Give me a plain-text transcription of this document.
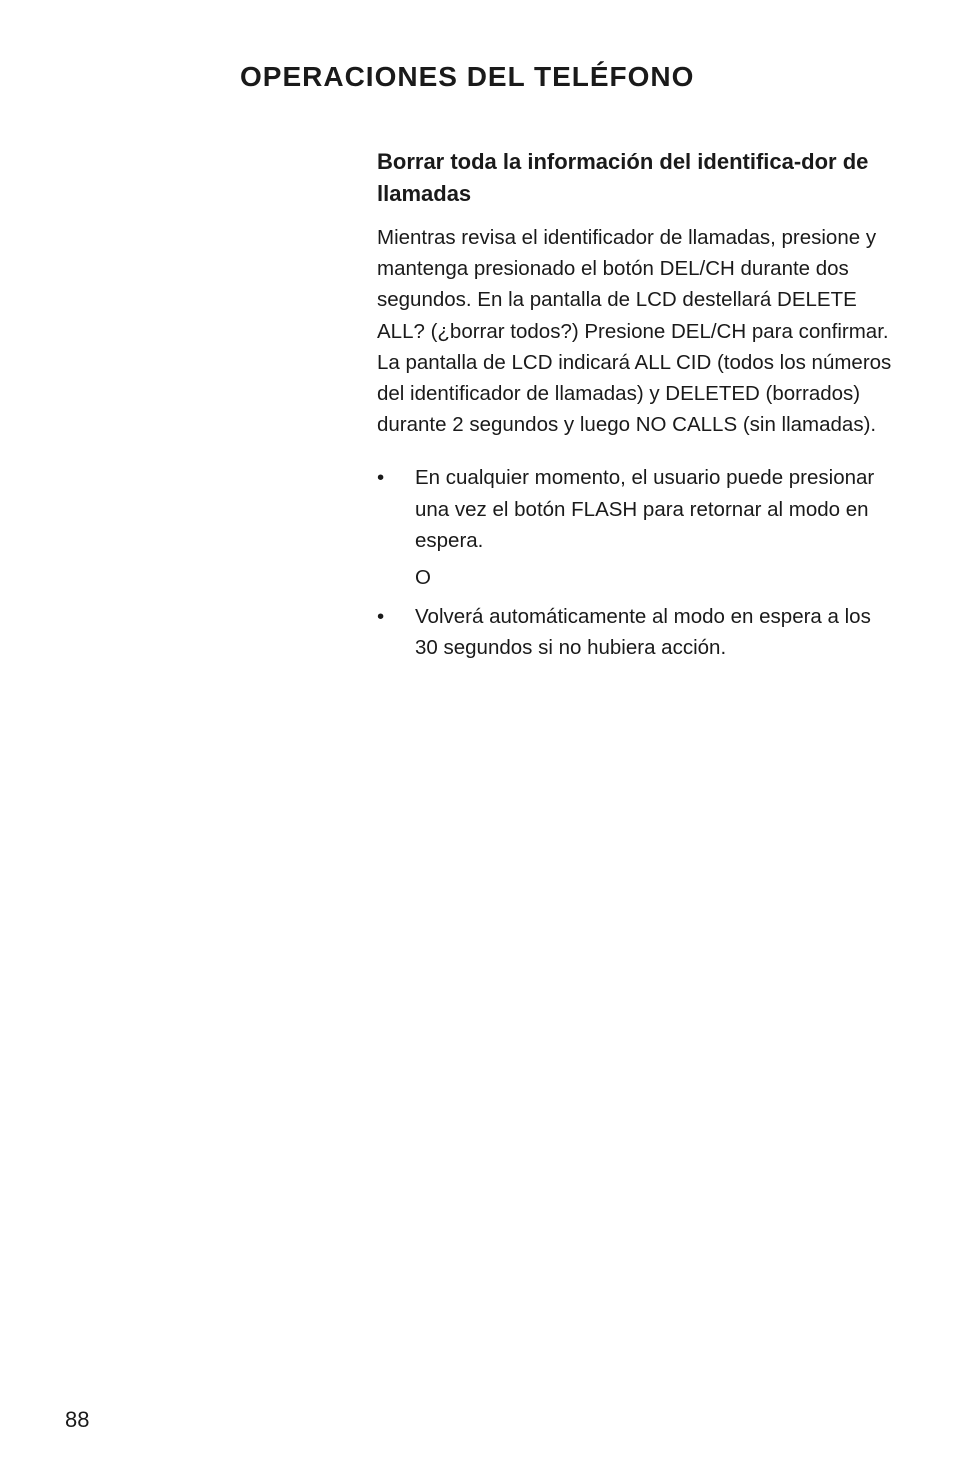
OPERACIONES DEL TELÉFONO
Borrar toda la información del identifica-dor de llamadas

Mientras revisa el identificador de llamadas, presione y mantenga presionado el botón DEL/CH durante dos segundos. En la pantalla de LCD destellará DELETE ALL? (¿borrar todos?) Presione DEL/CH para confirmar. La pantalla de LCD indicará ALL CID (todos los números del identificador de llamadas) y DELETED (borrados) durante 2 segundos y luego NO CALLS (sin llamadas).

•	En cualquier momento, el usuario puede presionar una vez el botón FLASH para retornar al modo en espera.
O
•	Volverá automáticamente al modo en espera a los 30 segundos si no hubiera acción.
88
